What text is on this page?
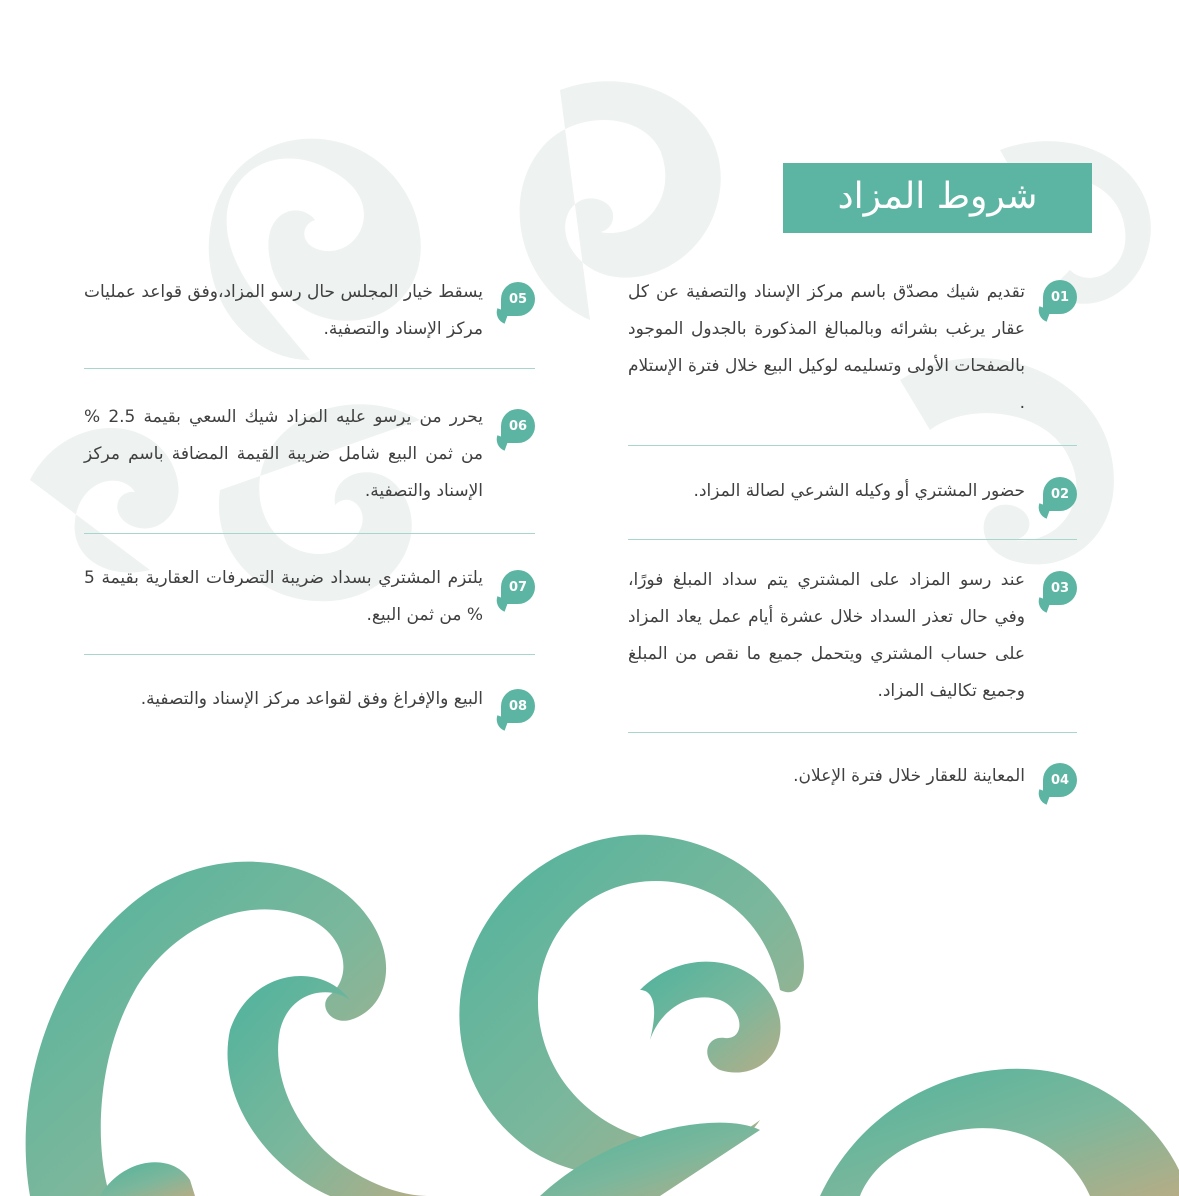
شروط المزاد
01
تقديم شيك مصدّق باسم مركز الإسناد والتصفية عن كل عقار يرغب بشرائه وبالمبالغ المذكورة بالجدول الموجود بالصفحات الأولى وتسليمه لوكيل البيع خلال فترة الإستلام .
02
حضور المشتري أو وكيله الشرعي لصالة المزاد.
03
عند رسو المزاد على المشتري يتم سداد المبلغ فورًا، وفي حال تعذر السداد خلال عشرة أيام عمل يعاد المزاد على حساب المشتري ويتحمل جميع ما نقص من المبلغ وجميع تكاليف المزاد.
04
المعاينة للعقار خلال فترة الإعلان.
05
يسقط خيار المجلس حال رسو المزاد،وفق قواعد عمليات مركز الإسناد والتصفية.
06
يحرر من يرسو عليه المزاد شيك السعي بقيمة 2.5 % من ثمن البيع شامل ضريبة القيمة المضافة باسم مركز الإسناد والتصفية.
07
يلتزم المشتري بسداد ضريبة التصرفات العقارية بقيمة 5 % من ثمن البيع.
08
البيع والإفراغ وفق لقواعد مركز الإسناد والتصفية.
